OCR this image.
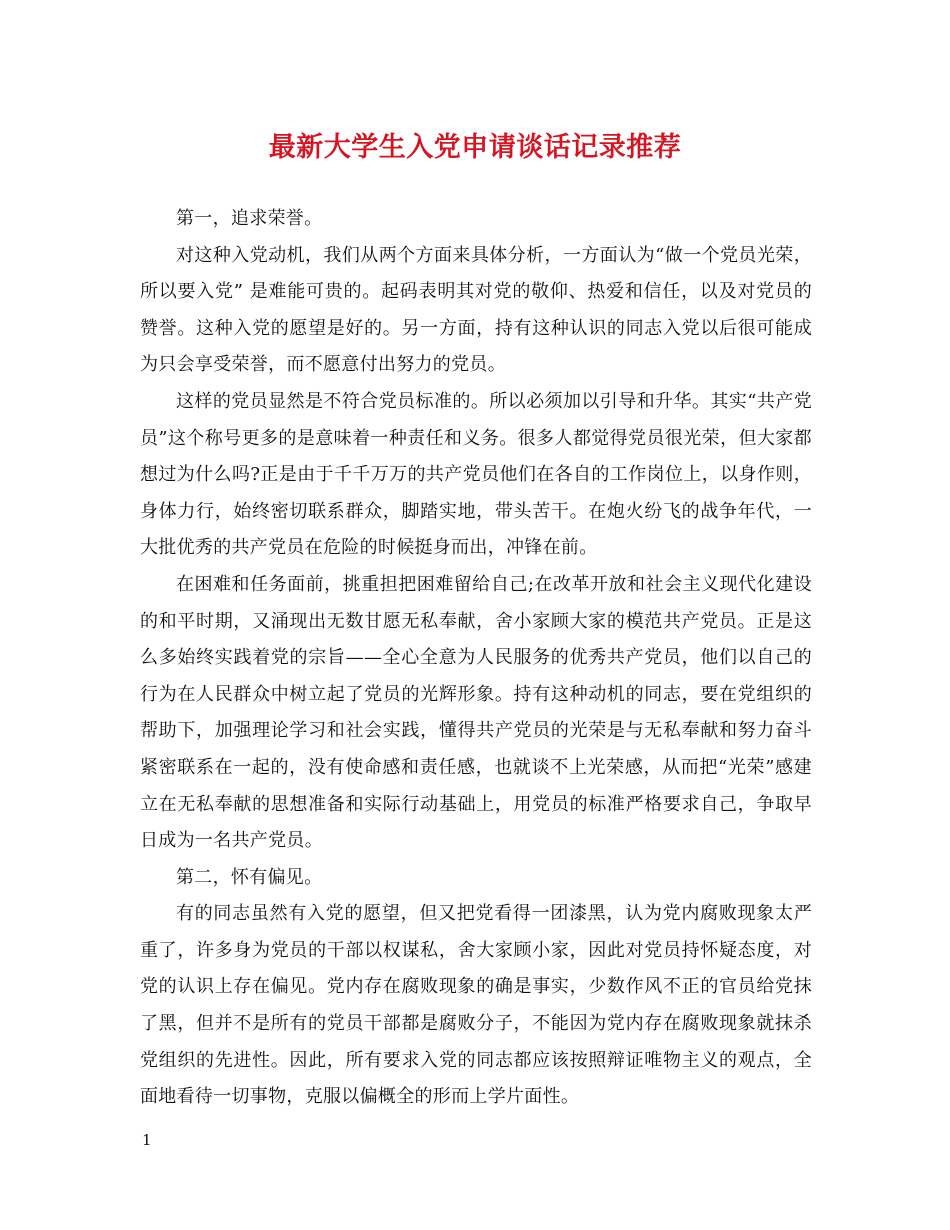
最新大学生入党申请谈话记录推荐

第一，追求荣誉。

对这种入党动机，我们从两个方面来具体分析，一方面认为“做一个党员光荣，所以要入党” 是难能可贵的。起码表明其对党的敬仰、热爱和信任，以及对党员的赞誉。这种入党的愿望是好的。另一方面，持有这种认识的同志入党以后很可能成为只会享受荣誉，而不愿意付出努力的党员。

这样的党员显然是不符合党员标准的。所以必须加以引导和升华。其实“共产党员”这个称号更多的是意味着一种责任和义务。很多人都觉得党员很光荣，但大家都想过为什么吗?正是由于千千万万的共产党员他们在各自的工作岗位上，以身作则，身体力行，始终密切联系群众，脚踏实地，带头苦干。在炮火纷飞的战争年代，一大批优秀的共产党员在危险的时候挺身而出，冲锋在前。

在困难和任务面前，挑重担把困难留给自己;在改革开放和社会主义现代化建设的和平时期，又涌现出无数甘愿无私奉献，舍小家顾大家的模范共产党员。正是这么多始终实践着党的宗旨——全心全意为人民服务的优秀共产党员，他们以自己的行为在人民群众中树立起了党员的光辉形象。持有这种动机的同志，要在党组织的帮助下，加强理论学习和社会实践，懂得共产党员的光荣是与无私奉献和努力奋斗紧密联系在一起的，没有使命感和责任感，也就谈不上光荣感，从而把“光荣”感建立在无私奉献的思想准备和实际行动基础上，用党员的标准严格要求自己，争取早日成为一名共产党员。

第二，怀有偏见。

有的同志虽然有入党的愿望，但又把党看得一团漆黑，认为党内腐败现象太严重了，许多身为党员的干部以权谋私，舍大家顾小家，因此对党员持怀疑态度，对党的认识上存在偏见。党内存在腐败现象的确是事实，少数作风不正的官员给党抹了黑，但并不是所有的党员干部都是腐败分子，不能因为党内存在腐败现象就抹杀党组织的先进性。因此，所有要求入党的同志都应该按照辩证唯物主义的观点，全面地看待一切事物，克服以偏概全的形而上学片面性。

1
